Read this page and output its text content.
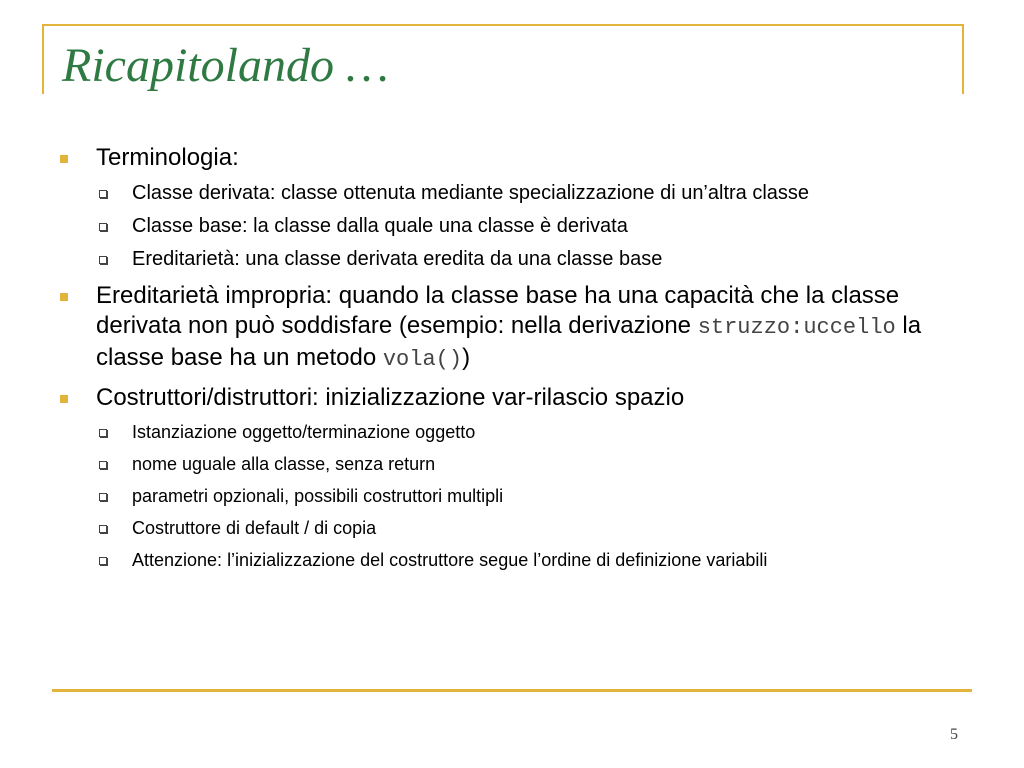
Ricapitolando …
Terminologia:
Classe derivata: classe ottenuta mediante specializzazione di un’altra classe
Classe base: la classe dalla quale una classe è derivata
Ereditarietà: una classe derivata eredita da una classe base
Ereditarietà impropria: quando la classe base ha una capacità che la classe derivata non può soddisfare (esempio: nella derivazione struzzo:uccello la classe base ha un metodo vola())
Costruttori/distruttori: inizializzazione var-rilascio spazio
Istanziazione oggetto/terminazione oggetto
nome uguale alla classe, senza return
parametri opzionali, possibili costruttori multipli
Costruttore di default / di copia
Attenzione: l’inizializzazione del costruttore segue l’ordine di definizione variabili
5
